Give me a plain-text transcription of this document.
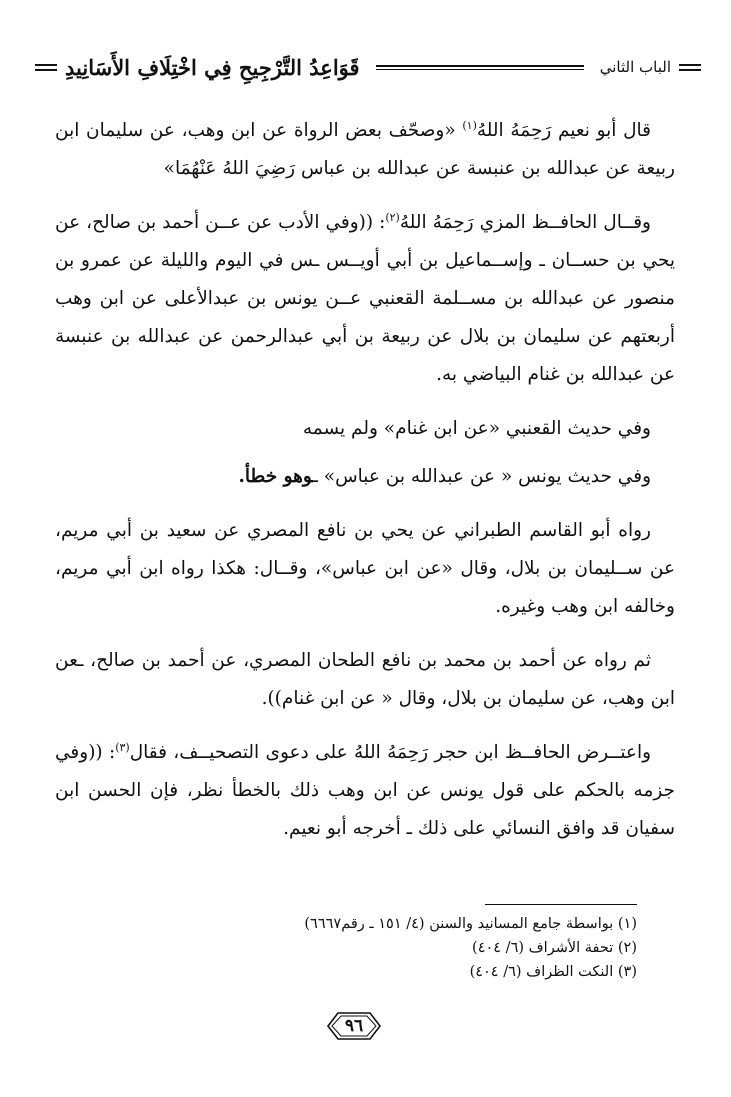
قَوَاعِدُ التَّرْجِيحِ فِي اخْتِلَافِ الأَسَانِيدِ	الباب الثاني

قال أبو نعيم رَحِمَهُ اللهُ$^{(١)}$ «وصحّف بعض الرواة عن ابن وهب، عن سليمان ابن ربيعة عن عبدالله بن عنبسة عن عبدالله بن عباس رَضِيَ اللهُ عَنْهُمَا»

وقــال الحافــظ المزي رَحِمَهُ اللهُ$^{(٢)}$: ((وفي الأدب عن عــن أحمد بن صالح، عن يحي بن حســان ـ وإســماعيل بن أبي أويــس ـس في اليوم والليلة عن عمرو بن منصور عن عبدالله بن مســلمة القعنبي عــن يونس بن عبدالأعلى عن ابن وهب أربعتهم عن سليمان بن بلال عن ربيعة بن أبي عبدالرحمن عن عبدالله بن عنبسة عن عبدالله بن غنام البياضي به.

وفي حديث القعنبي «عن ابن غنام» ولم يسمه

وفي حديث يونس « عن عبدالله بن عباس» ـوهو خطأ.

رواه أبو القاسم الطبراني عن يحي بن نافع المصري عن سعيد بن أبي مريم، عن ســليمان بن بلال، وقال «عن ابن عباس»، وقــال: هكذا رواه ابن أبي مريم، وخالفه ابن وهب وغيره.

ثم رواه عن أحمد بن محمد بن نافع الطحان المصري، عن أحمد بن صالح، ـعن ابن وهب، عن سليمان بن بلال، وقال « عن ابن غنام)).

واعتــرض الحافــظ ابن حجر رَحِمَهُ اللهُ على دعوى التصحيــف، فقال$^{(٣)}$: ((وفي جزمه بالحكم على قول يونس عن ابن وهب ذلك بالخطأ نظر، فإن الحسن ابن سفيان قد وافق النسائي على ذلك ـ أخرجه أبو نعيم.

(١) بواسطة جامع المسانيد والسنن (٤/ ١٥١ ـ رقم٦٦٦٧)
(٢) تحفة الأشراف (٦/ ٤٠٤)
(٣) النكت الظراف (٦/ ٤٠٤)
٩٦
